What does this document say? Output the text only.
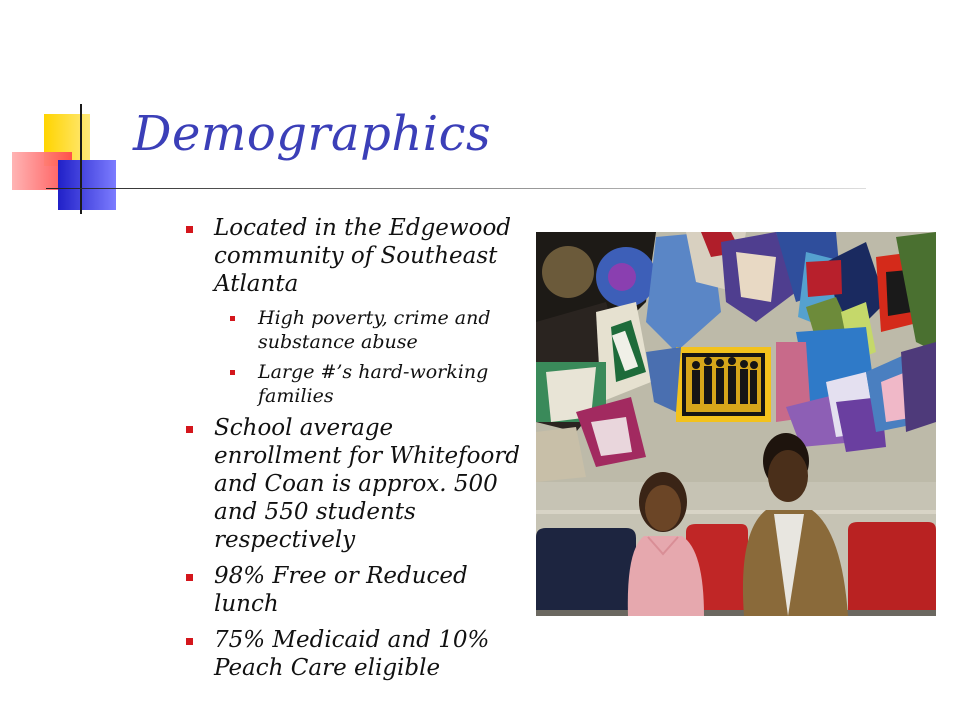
Demographics
Located in the Edgewood community of Southeast Atlanta
High poverty, crime and substance abuse
Large #’s hard-working families
School average enrollment for Whitefoord and Coan is approx. 500 and 550 students respectively
98% Free or Reduced lunch
75% Medicaid and 10% Peach Care eligible
